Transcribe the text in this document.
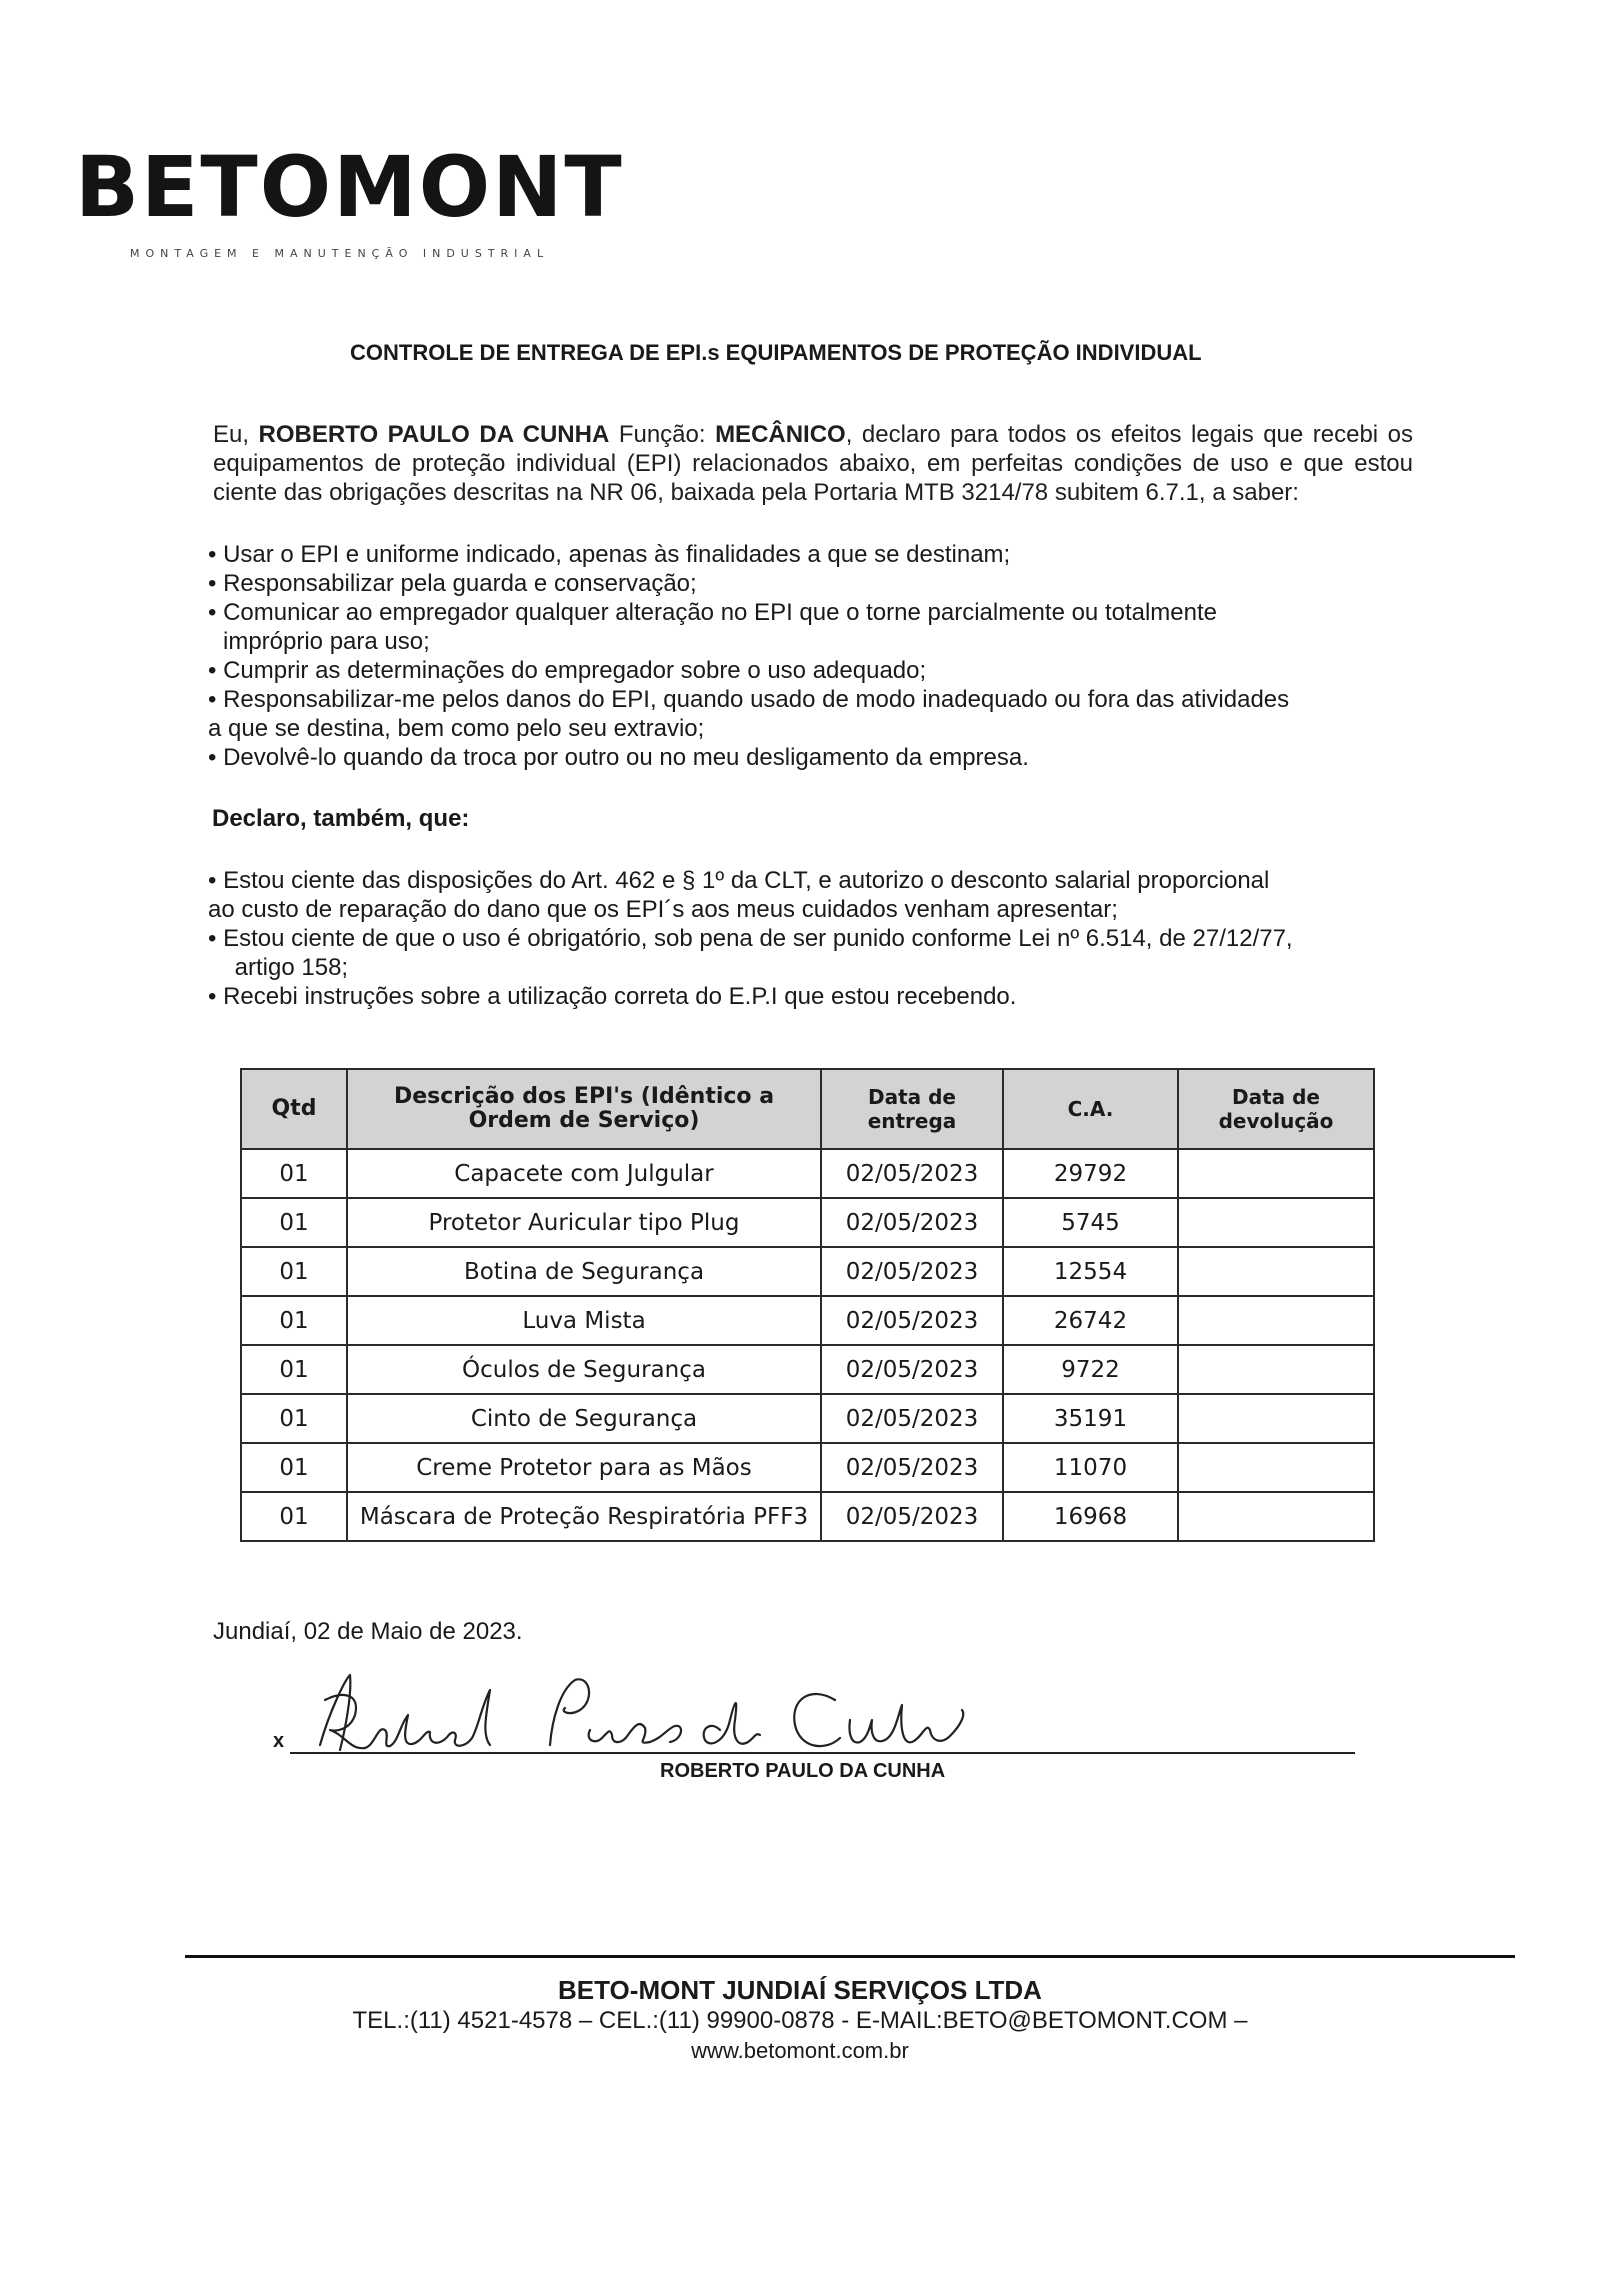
BETOMONT
MONTAGEM E MANUTENÇÃO INDUSTRIAL
CONTROLE DE ENTREGA DE EPI.s EQUIPAMENTOS DE PROTEÇÃO INDIVIDUAL
Eu, ROBERTO PAULO DA CUNHA Função: MECÂNICO, declaro para todos os efeitos legais que recebi os equipamentos de proteção individual (EPI) relacionados abaixo, em perfeitas condições de uso e que estou ciente das obrigações descritas na NR 06, baixada pela Portaria MTB 3214/78 subitem 6.7.1, a saber:
• Usar o EPI e uniforme indicado, apenas às finalidades a que se destinam;
• Responsabilizar pela guarda e conservação;
• Comunicar ao empregador qualquer alteração no EPI que o torne parcialmente ou totalmente
impróprio para uso;
• Cumprir as determinações do empregador sobre o uso adequado;
• Responsabilizar-me pelos danos do EPI, quando usado de modo inadequado ou fora das atividades
a que se destina, bem como pelo seu extravio;
• Devolvê-lo quando da troca por outro ou no meu desligamento da empresa.
Declaro, também, que:
• Estou ciente das disposições do Art. 462 e § 1º da CLT, e autorizo o desconto salarial proporcional
ao custo de reparação do dano que os EPI´s aos meus cuidados venham apresentar;
• Estou ciente de que o uso é obrigatório, sob pena de ser punido conforme Lei nº 6.514, de 27/12/77,
artigo 158;
• Recebi instruções sobre a utilização correta do E.P.I que estou recebendo.
Qtd	Descrição dos EPI's (Idêntico a Ordem de Serviço)	Data de entrega	C.A.	Data de devolução
01	Capacete com Julgular	02/05/2023	29792	
01	Protetor Auricular tipo Plug	02/05/2023	5745	
01	Botina de Segurança	02/05/2023	12554	
01	Luva Mista	02/05/2023	26742	
01	Óculos de Segurança	02/05/2023	9722	
01	Cinto de Segurança	02/05/2023	35191	
01	Creme Protetor para as Mãos	02/05/2023	11070	
01	Máscara de Proteção Respiratória PFF3	02/05/2023	16968	
Jundiaí, 02 de Maio de 2023.
x
ROBERTO PAULO DA CUNHA
BETO-MONT JUNDIAÍ SERVIÇOS LTDA
TEL.:(11) 4521-4578 – CEL.:(11) 99900-0878 - E-MAIL:BETO@BETOMONT.COM –
www.betomont.com.br
